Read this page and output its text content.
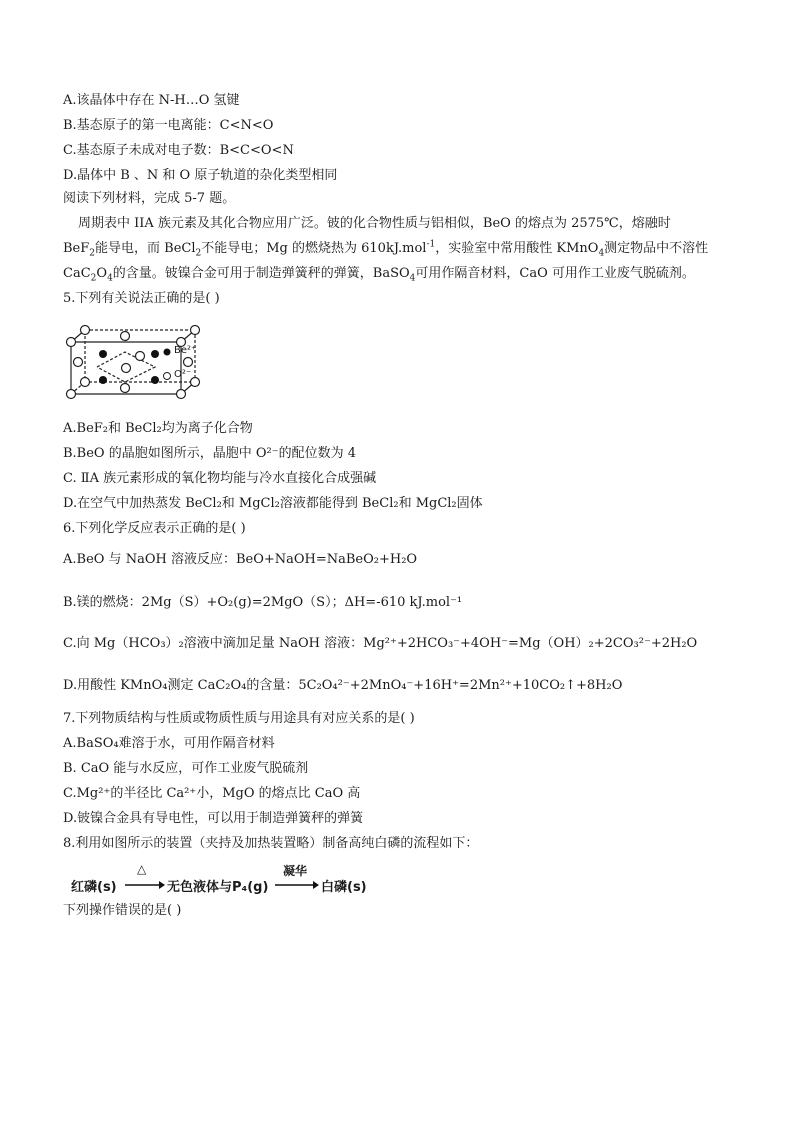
A.该晶体中存在 N-H…O 氢键
B.基态原子的第一电离能：C<N<O
C.基态原子未成对电子数：B<C<O<N
D.晶体中 B 、N 和 O 原子轨道的杂化类型相同
阅读下列材料，完成 5-7 题。
周期表中 IIA 族元素及其化合物应用广泛。铍的化合物性质与铝相似，BeO 的熔点为 2575℃，熔融时
BeF$_2$能导电，而 BeCl$_2$不能导电；Mg 的燃烧热为 610kJ.mol$^{-1}$，实验室中常用酸性 KMnO$_4$测定物品中不溶性
$CaC_2O_4$的含量。铍镍合金可用于制造弹簧秤的弹簧，BaSO$_4$可用作隔音材料，CaO 可用作工业废气脱硫剂。
5.下列有关说法正确的是( )
Be²⁺
O²⁻
A.BeF₂和 BeCl₂均为离子化合物
B.BeO 的晶胞如图所示，晶胞中 O²⁻的配位数为 4
C. ⅡA 族元素形成的氧化物均能与冷水直接化合成强碱
D.在空气中加热蒸发 BeCl₂和 MgCl₂溶液都能得到 BeCl₂和 MgCl₂固体
6.下列化学反应表示正确的是( )
A.BeO 与 NaOH 溶液反应：BeO+NaOH=NaBeO₂+H₂O
B.镁的燃烧：2Mg（S）+O₂(g)=2MgO（S）；ΔH=-610 kJ.mol⁻¹
C.向 Mg（HCO₃）₂溶液中滴加足量 NaOH 溶液：Mg²⁺+2HCO₃⁻+4OH⁻=Mg（OH）₂+2CO₃²⁻+2H₂O
D.用酸性 KMnO₄测定 CaC₂O₄的含量：5C₂O₄²⁻+2MnO₄⁻+16H⁺=2Mn²⁺+10CO₂↑+8H₂O
7.下列物质结构与性质或物质性质与用途具有对应关系的是( )
A.BaSO₄难溶于水，可用作隔音材料
B. CaO 能与水反应，可作工业废气脱硫剂
C.Mg²⁺的半径比 Ca²⁺小，MgO 的熔点比 CaO 高
D.铍镍合金具有导电性，可以用于制造弹簧秤的弹簧
8.利用如图所示的装置（夹持及加热装置略）制备高纯白磷的流程如下：
红磷(s)
△
无色液体与P₄(g)
凝华
白磷(s)
下列操作错误的是( )
